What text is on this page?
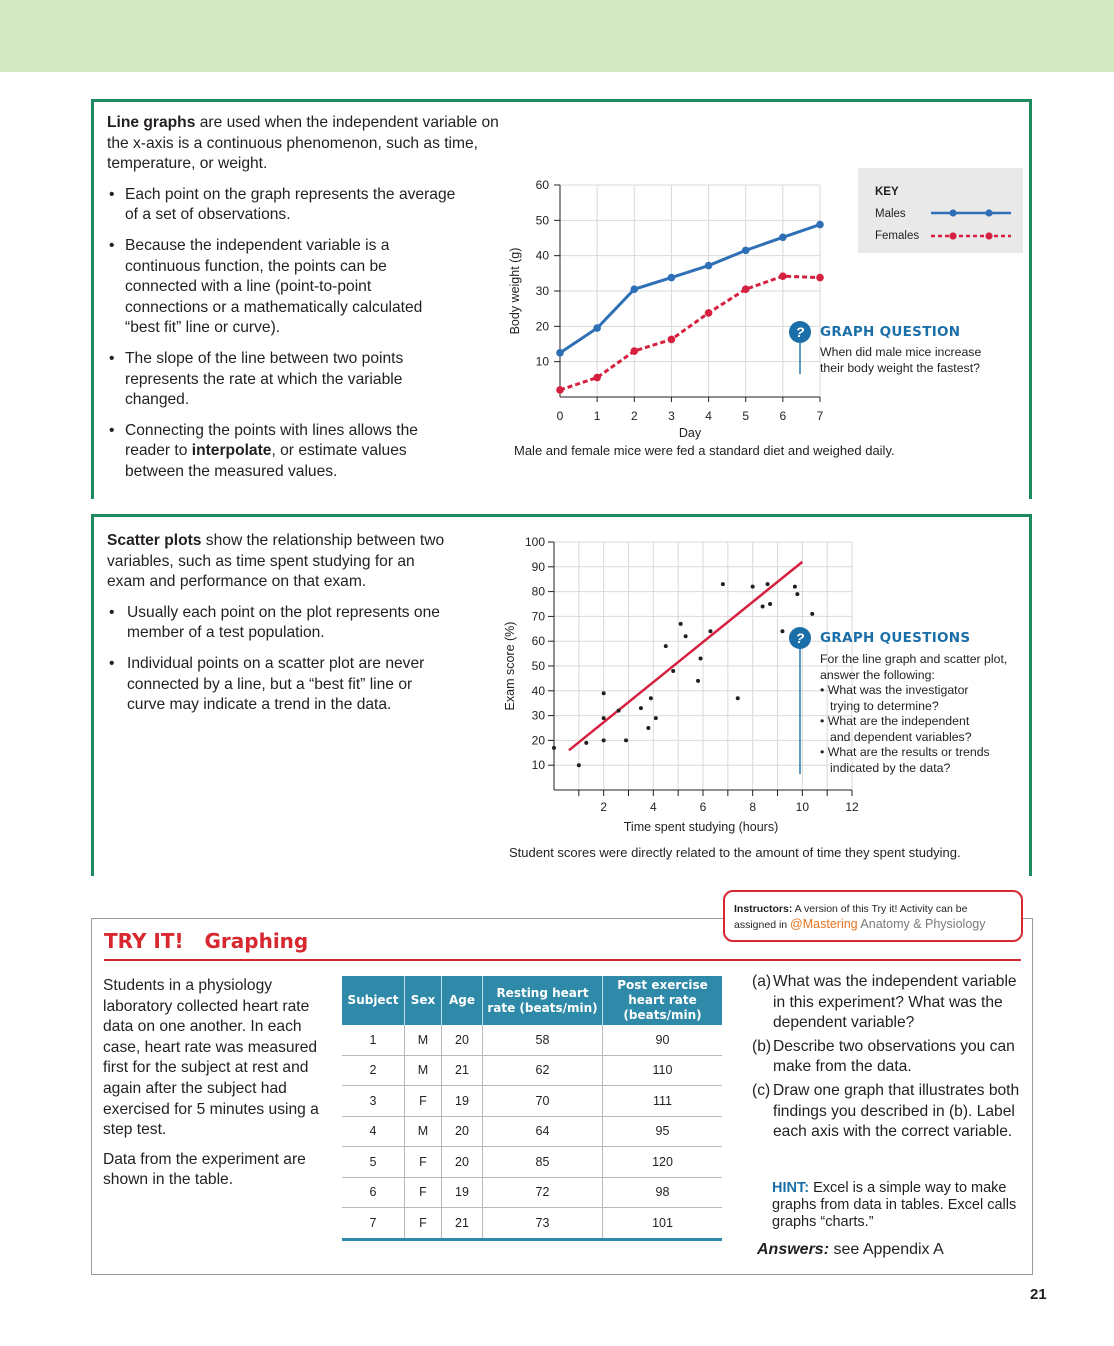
Line graphs are used when the independent variable on the x-axis is a continuous phenomenon, such as time, temperature, or weight.
• Each point on the graph represents the average of a set of observations.
• Because the independent variable is a continuous function, the points can be connected with a line (point-to-point connections or a mathematically calculated “best fit” line or curve).
• The slope of the line between two points represents the rate at which the variable changed.
• Connecting the points with lines allows the reader to interpolate, or estimate values between the measured values.
10
20
30
40
50
60
0	1	2	3	4	5	6	7
Day
Body weight (g)
KEY
Males
Females
? GRAPH QUESTION
When did male mice increase
their body weight the fastest?
Male and female mice were fed a standard diet and weighed daily.
Scatter plots show the relationship between two variables, such as time spent studying for an exam and performance on that exam.
• Usually each point on the plot represents one member of a test population.
• Individual points on a scatter plot are never connected by a line, but a “best fit” line or curve may indicate a trend in the data.
10
20
30
40
50
60
70
80
90
100
2	4	6	8	10	12
Time spent studying (hours)
Exam score (%)	? GRAPH QUESTIONS
For the line graph and scatter plot,
answer the following:
• What was the investigator
trying to determine?
• What are the independent
and dependent variables?
• What are the results or trends
indicated by the data?
Student scores were directly related to the amount of time they spent studying.
TRY IT!   Graphing
Instructors: A version of this Try it! Activity can be
assigned in @Mastering Anatomy & Physiology
Students in a physiology laboratory collected heart rate data on one another. In each case, heart rate was measured first for the subject at rest and again after the subject had exercised for 5 minutes using a step test.
Data from the experiment are shown in the table.
Subject	Sex	Age	Resting heart rate (beats/min)	Post exercise heart rate (beats/min)
1	M	20	58	90
2	M	21	62	110
3	F	19	70	111
4	M	20	64	95
5	F	20	85	120
6	F	19	72	98
7	F	21	73	101
(a) What was the independent variable in this experiment? What was the dependent variable?
(b) Describe two observations you can make from the data.
(c) Draw one graph that illustrates both findings you described in (b). Label each axis with the correct variable.
HINT: Excel is a simple way to make graphs from data in tables. Excel calls graphs “charts.”
Answers: see Appendix A
21
